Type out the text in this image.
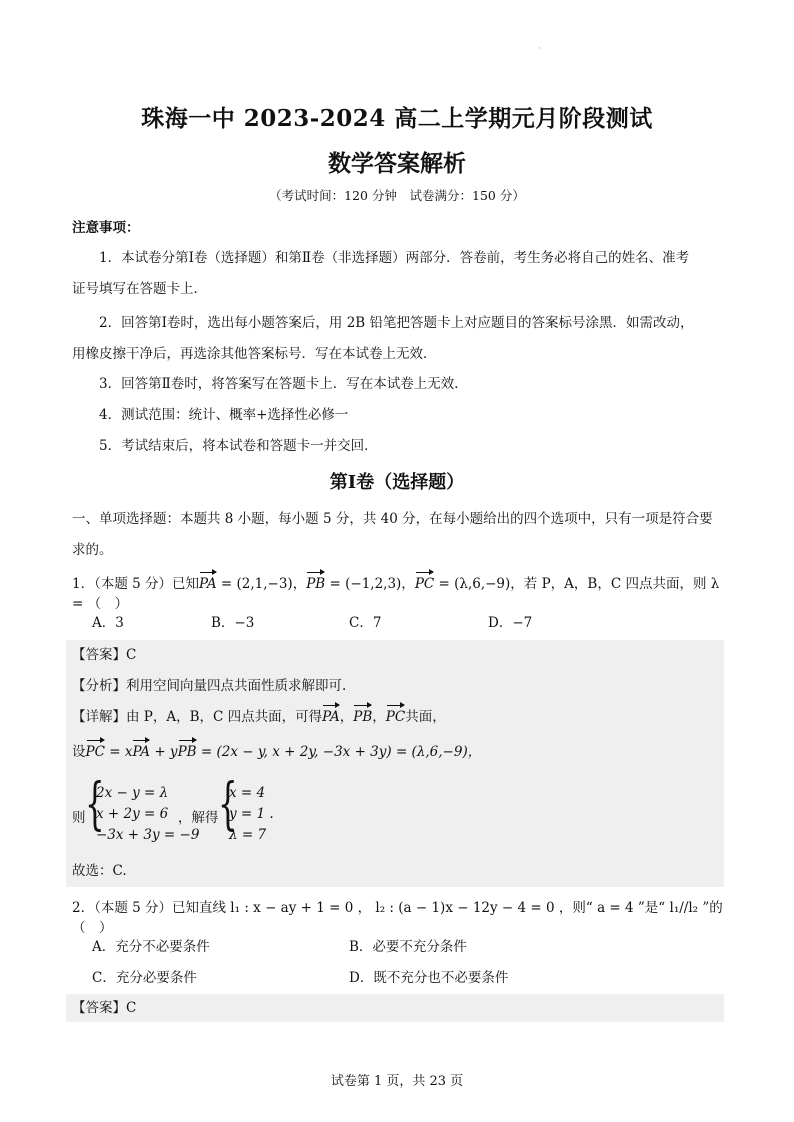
·
珠海一中 2023-2024 高二上学期元月阶段测试
数学答案解析
（考试时间：120 分钟　试卷满分：150 分）
注意事项：
1．本试卷分第Ⅰ卷（选择题）和第Ⅱ卷（非选择题）两部分．答卷前，考生务必将自己的姓名、准考
证号填写在答题卡上．
2．回答第Ⅰ卷时，选出每小题答案后，用 2B 铅笔把答题卡上对应题目的答案标号涂黑．如需改动，
用橡皮擦干净后，再选涂其他答案标号．写在本试卷上无效．
3．回答第Ⅱ卷时，将答案写在答题卡上．写在本试卷上无效．
4．测试范围：统计、概率+选择性必修一
5．考试结束后，将本试卷和答题卡一并交回．
第Ⅰ卷（选择题）
一、单项选择题：本题共 8 小题，每小题 5 分，共 40 分，在每小题给出的四个选项中，只有一项是符合要
求的。
1．（本题 5 分）已知PA = (2,1,−3)，PB = (−1,2,3)，PC = (λ,6,−9)，若 P，A，B，C 四点共面，则 λ = （　）
A．3	B．−3	C．7	D．−7
【答案】C
【分析】利用空间向量四点共面性质求解即可.
【详解】由 P，A，B，C 四点共面，可得PA，PB，PC共面，
设PC = xPA + yPB = (2x − y, x + 2y, −3x + 3y) = (λ,6,−9)，
则 {
2x − y = λ
x + 2y = 6
−3x + 3y = −9
，解得 {
x = 4
y = 1 .
λ = 7
故选：C.
2．（本题 5 分）已知直线 l₁ : x − ay + 1 = 0 ， l₂ : (a − 1)x − 12y − 4 = 0 ，则“ a = 4 ”是“ l₁//l₂ ”的（　）
A．充分不必要条件	B．必要不充分条件
C．充分必要条件	D．既不充分也不必要条件
【答案】C
试卷第 1 页，共 23 页
